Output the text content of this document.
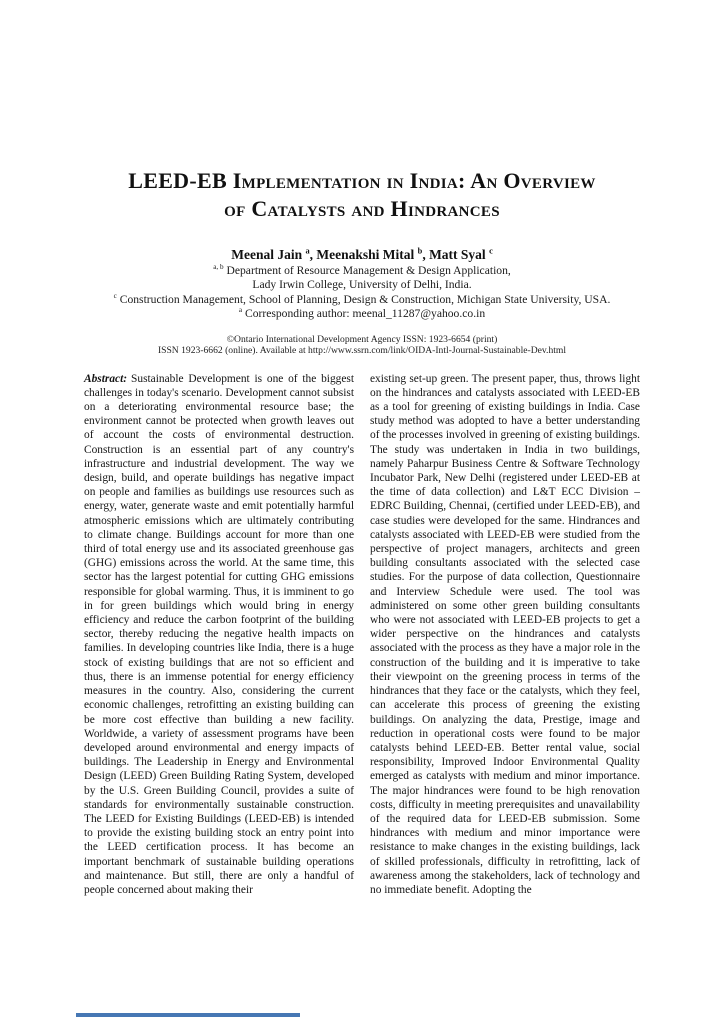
LEED-EB Implementation in India: An Overview
of Catalysts and Hindrances
Meenal Jain $^a$, Meenakshi Mital $^b$, Matt Syal $^c$
$^{a, b}$ Department of Resource Management & Design Application,
Lady Irwin College, University of Delhi, India.
$^c$ Construction Management, School of Planning, Design & Construction, Michigan State University, USA.
$^a$ Corresponding author: meenal_11287@yahoo.co.in
©Ontario International Development Agency ISSN: 1923-6654 (print)
ISSN 1923-6662 (online). Available at http://www.ssrn.com/link/OIDA-Intl-Journal-Sustainable-Dev.html
Abstract: Sustainable Development is one of the biggest challenges in today's scenario. Development cannot subsist on a deteriorating environmental resource base; the environment cannot be protected when growth leaves out of account the costs of environmental destruction. Construction is an essential part of any country's infrastructure and industrial development. The way we design, build, and operate buildings has negative impact on people and families as buildings use resources such as energy, water, generate waste and emit potentially harmful atmospheric emissions which are ultimately contributing to climate change. Buildings account for more than one third of total energy use and its associated greenhouse gas (GHG) emissions across the world. At the same time, this sector has the largest potential for cutting GHG emissions responsible for global warming. Thus, it is imminent to go in for green buildings which would bring in energy efficiency and reduce the carbon footprint of the building sector, thereby reducing the negative health impacts on families. In developing countries like India, there is a huge stock of existing buildings that are not so efficient and thus, there is an immense potential for energy efficiency measures in the country. Also, considering the current economic challenges, retrofitting an existing building can be more cost effective than building a new facility. Worldwide, a variety of assessment programs have been developed around environmental and energy impacts of buildings. The Leadership in Energy and Environmental Design (LEED) Green Building Rating System, developed by the U.S. Green Building Council, provides a suite of standards for environmentally sustainable construction. The LEED for Existing Buildings (LEED-EB) is intended to provide the existing building stock an entry point into the LEED certification process. It has become an important benchmark of sustainable building operations and maintenance. But still, there are only a handful of people concerned about making their
existing set-up green. The present paper, thus, throws light on the hindrances and catalysts associated with LEED-EB as a tool for greening of existing buildings in India. Case study method was adopted to have a better understanding of the processes involved in greening of existing buildings. The study was undertaken in India in two buildings, namely Paharpur Business Centre & Software Technology Incubator Park, New Delhi (registered under LEED-EB at the time of data collection) and L&T ECC Division – EDRC Building, Chennai, (certified under LEED-EB), and case studies were developed for the same. Hindrances and catalysts associated with LEED-EB were studied from the perspective of project managers, architects and green building consultants associated with the selected case studies. For the purpose of data collection, Questionnaire and Interview Schedule were used. The tool was administered on some other green building consultants who were not associated with LEED-EB projects to get a wider perspective on the hindrances and catalysts associated with the process as they have a major role in the construction of the building and it is imperative to take their viewpoint on the greening process in terms of the hindrances that they face or the catalysts, which they feel, can accelerate this process of greening the existing buildings. On analyzing the data, Prestige, image and reduction in operational costs were found to be major catalysts behind LEED-EB. Better rental value, social responsibility, Improved Indoor Environmental Quality emerged as catalysts with medium and minor importance. The major hindrances were found to be high renovation costs, difficulty in meeting prerequisites and unavailability of the required data for LEED-EB submission. Some hindrances with medium and minor importance were resistance to make changes in the existing buildings, lack of skilled professionals, difficulty in retrofitting, lack of awareness among the stakeholders, lack of technology and no immediate benefit. Adopting the
